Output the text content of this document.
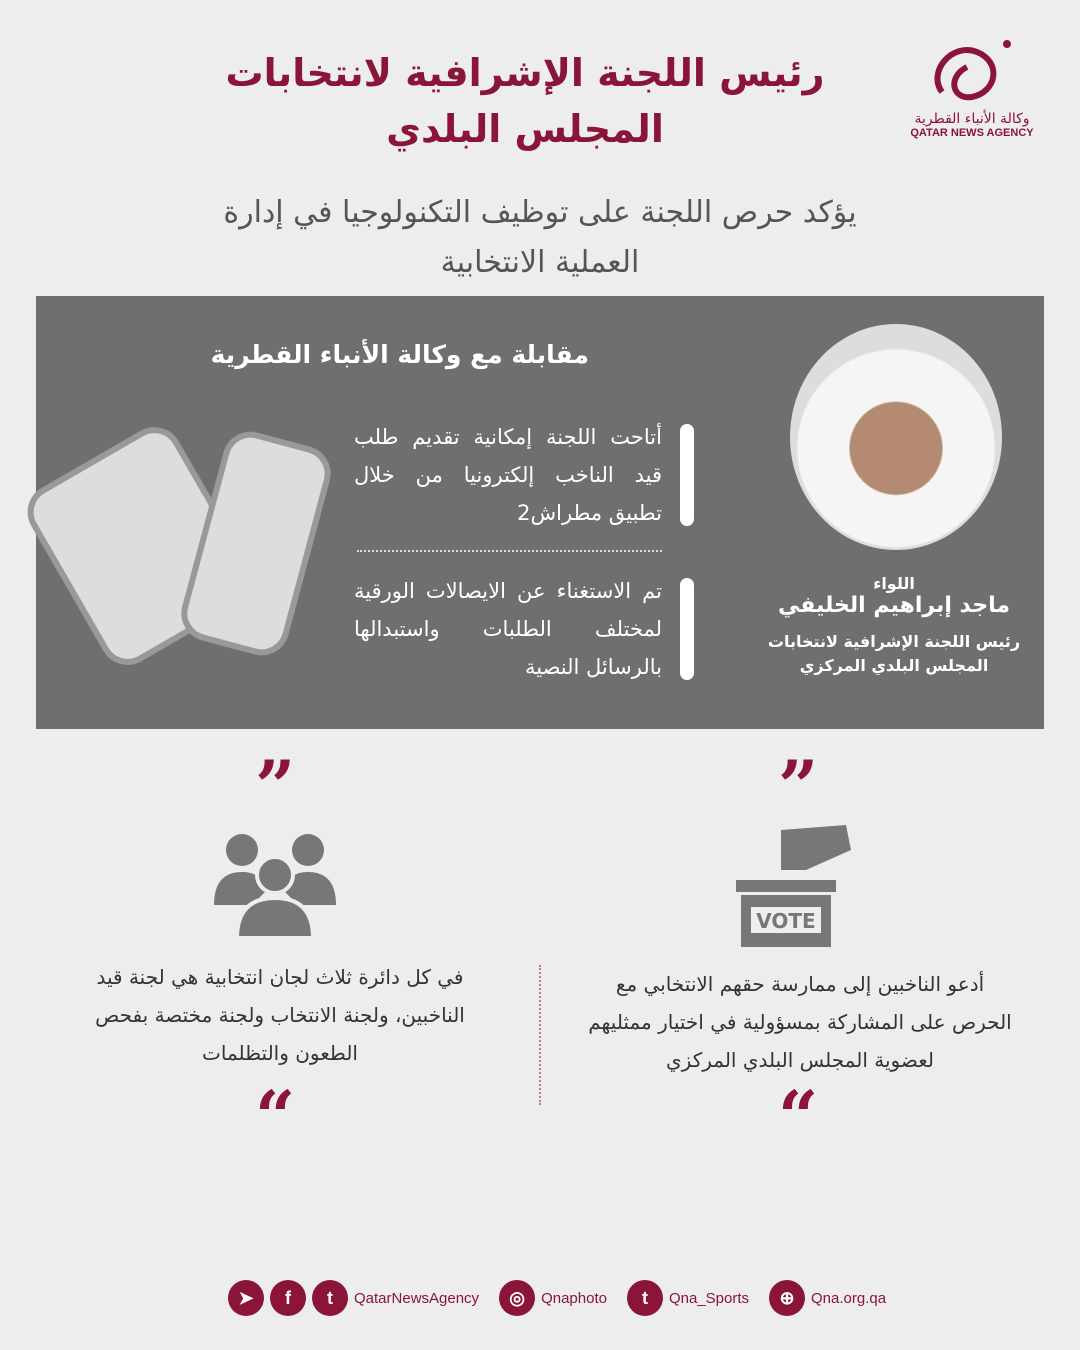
وكالة الأنباء القطرية
QATAR NEWS AGENCY
رئيس اللجنة الإشرافية لانتخابات المجلس البلدي
يؤكد حرص اللجنة على توظيف التكنولوجيا في إدارة العملية الانتخابية
مقابلة مع وكالة الأنباء القطرية
أتاحت اللجنة إمكانية تقديم طلب قيد الناخب إلكترونيا من خلال تطبيق مطراش2
تم الاستغناء عن الايصالات الورقية لمختلف الطلبات واستبدالها بالرسائل النصية
اللواء
ماجد إبراهيم الخليفي
رئيس اللجنة الإشرافية لانتخابات المجلس البلدي المركزي
”
VOTE
أدعو الناخبين إلى ممارسة حقهم الانتخابي مع الحرص على المشاركة بمسؤولية في اختيار ممثليهم لعضوية المجلس البلدي المركزي
“
”
في كل دائرة ثلاث لجان انتخابية هي لجنة قيد الناخبين، ولجنة الانتخاب ولجنة مختصة بفحص الطعون والتظلمات
“
➤	f	t	QatarNewsAgency	◎	Qnaphoto	t	Qna_Sports	⊕	Qna.org.qa
